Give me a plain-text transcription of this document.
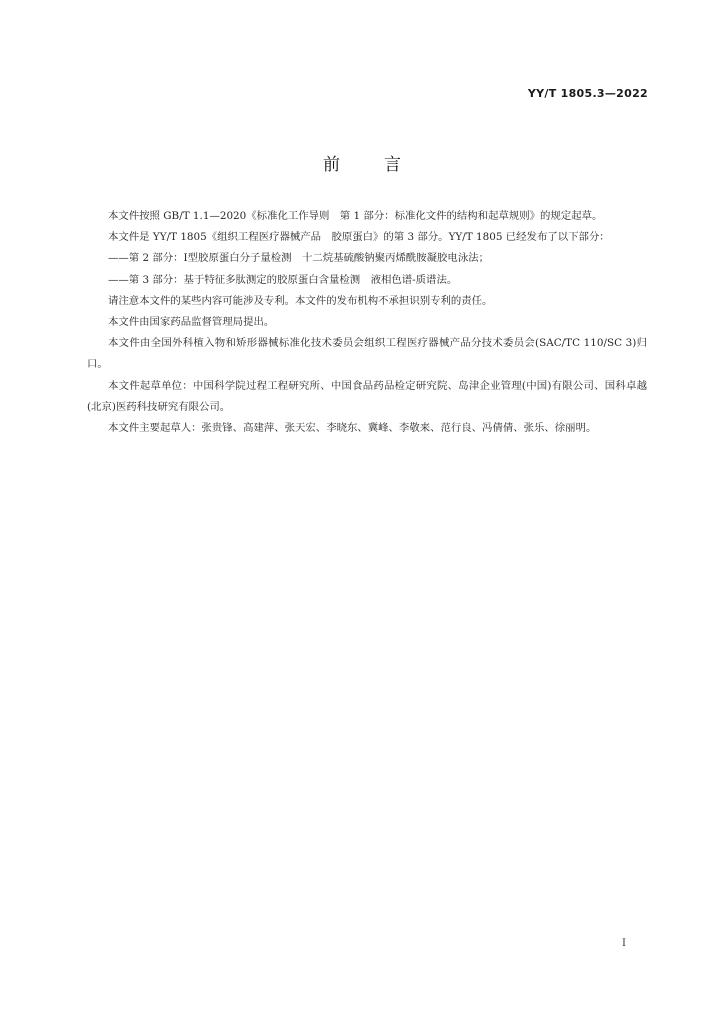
YY/T 1805.3—2022
前言

本文件按照 GB/T 1.1—2020《标准化工作导则　第 1 部分：标准化文件的结构和起草规则》的规定起草。

本文件是 YY/T 1805《组织工程医疗器械产品　胶原蛋白》的第 3 部分。YY/T 1805 已经发布了以下部分：

——第 2 部分：Ⅰ型胶原蛋白分子量检测　十二烷基硫酸钠聚丙烯酰胺凝胶电泳法；

——第 3 部分：基于特征多肽测定的胶原蛋白含量检测　液相色谱-质谱法。

请注意本文件的某些内容可能涉及专利。本文件的发布机构不承担识别专利的责任。

本文件由国家药品监督管理局提出。

本文件由全国外科植入物和矫形器械标准化技术委员会组织工程医疗器械产品分技术委员会(SAC/TC 110/SC 3)归口。

本文件起草单位：中国科学院过程工程研究所、中国食品药品检定研究院、岛津企业管理(中国)有限公司、国科卓越(北京)医药科技研究有限公司。

本文件主要起草人：张贵锋、高建萍、张天宏、李晓东、冀峰、李敬来、范行良、冯倩倩、张乐、徐丽明。

I
